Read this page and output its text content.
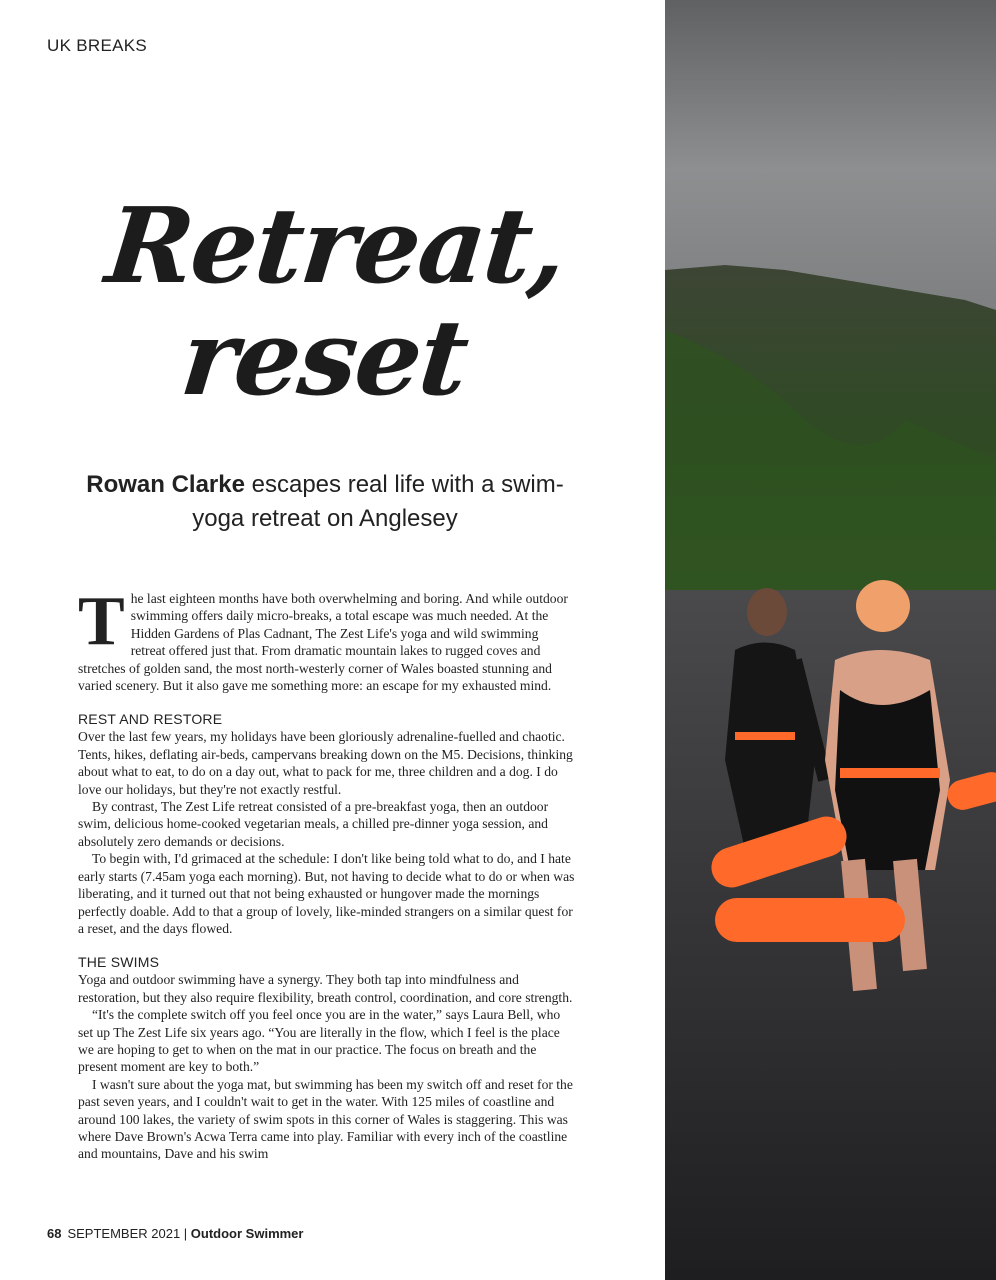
UK BREAKS
Retreat,
reset
Rowan Clarke escapes real life with a swim-yoga retreat on Anglesey

The last eighteen months have both overwhelming and boring. And while outdoor swimming offers daily micro-breaks, a total escape was much needed. At the Hidden Gardens of Plas Cadnant, The Zest Life's yoga and wild swimming retreat offered just that. From dramatic mountain lakes to rugged coves and stretches of golden sand, the most north-westerly corner of Wales boasted stunning and varied scenery. But it also gave me something more: an escape for my exhausted mind.

REST AND RESTORE

Over the last few years, my holidays have been gloriously adrenaline-fuelled and chaotic. Tents, hikes, deflating air-beds, campervans breaking down on the M5. Decisions, thinking about what to eat, to do on a day out, what to pack for me, three children and a dog. I do love our holidays, but they're not exactly restful.

By contrast, The Zest Life retreat consisted of a pre-breakfast yoga, then an outdoor swim, delicious home-cooked vegetarian meals, a chilled pre-dinner yoga session, and absolutely zero demands or decisions.

To begin with, I'd grimaced at the schedule: I don't like being told what to do, and I hate early starts (7.45am yoga each morning). But, not having to decide what to do or when was liberating, and it turned out that not being exhausted or hungover made the mornings perfectly doable. Add to that a group of lovely, like-minded strangers on a similar quest for a reset, and the days flowed.

THE SWIMS

Yoga and outdoor swimming have a synergy. They both tap into mindfulness and restoration, but they also require flexibility, breath control, coordination, and core strength.

“It's the complete switch off you feel once you are in the water,” says Laura Bell, who set up The Zest Life six years ago. “You are literally in the flow, which I feel is the place we are hoping to get to when on the mat in our practice. The focus on breath and the present moment are key to both.”

I wasn't sure about the yoga mat, but swimming has been my switch off and reset for the past seven years, and I couldn't wait to get in the water. With 125 miles of coastline and around 100 lakes, the variety of swim spots in this corner of Wales is staggering. This was where Dave Brown's Acwa Terra came into play. Familiar with every inch of the coastline and mountains, Dave and his swim

68 SEPTEMBER 2021 | Outdoor Swimmer
